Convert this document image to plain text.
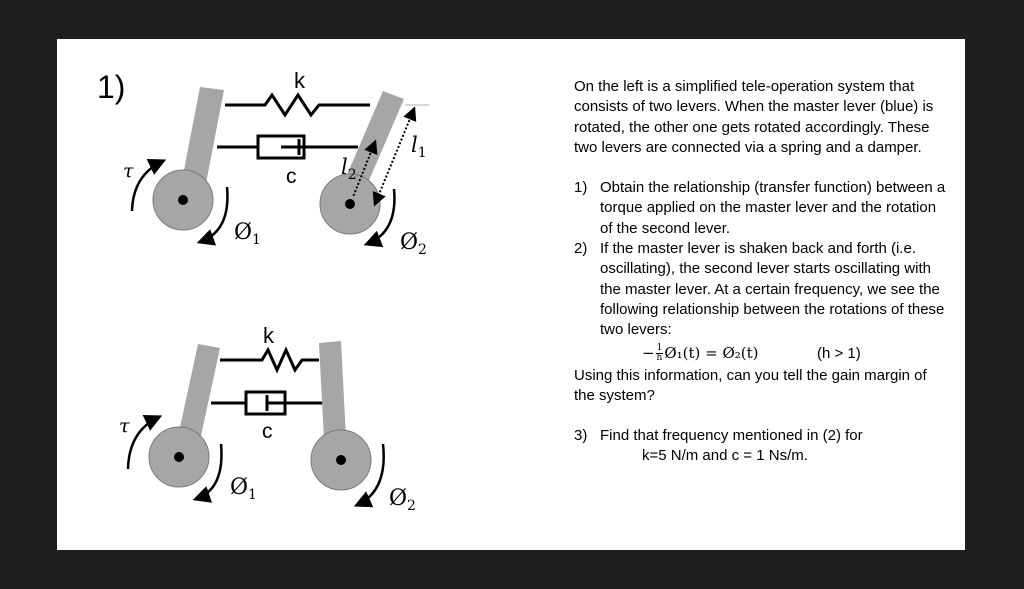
1)	k
c
$l_1$
$l_2$
τ
$Ø_1$	$Ø_2$
k
c
τ
$Ø_1$	$Ø_2$

On the left is a simplified tele-operation system that consists of two levers. When the master lever (blue) is rotated, the other one gets rotated accordingly. These two levers are connected via a spring and a damper.

1) Obtain the relationship (transfer function) between a torque applied on the master lever and the rotation of the second lever.
2) If the master lever is shaken back and forth (i.e. oscillating), the second lever starts oscillating with the master lever. At a certain frequency, we see the following relationship between the rotations of these two levers:
− $\frac{1}{h}$ Ø₁(t) = Ø₂(t)	(h > 1)

Using this information, can you tell the gain margin of the system?

3) Find that frequency mentioned in (2) for
k=5 N/m and c = 1 Ns/m.
